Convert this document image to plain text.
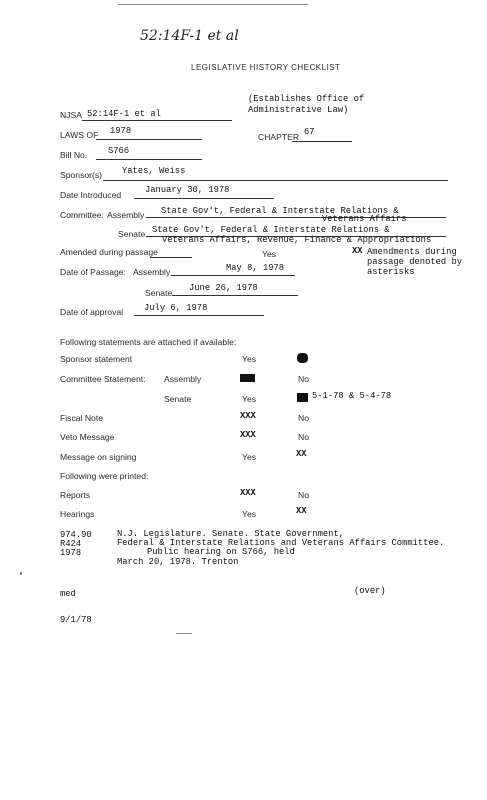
52:14F-1 et al
LEGISLATIVE HISTORY CHECKLIST
NJSA 52:14F-1 et al
(Establishes Office of Administrative Law)
LAWS OF 1978
CHAPTER 67
Bill No. S766
Sponsor(s) Yates, Weiss
Date Introduced	January 30, 1978
Committee: Assembly State Gov't, Federal & Interstate Relations &
Veterans Affairs
Senate State Gov't, Federal & Interstate Relations &
Veterans Affairs, Revenue, Finance & Appropriations
Amended during passage	Yes	XX Amendments during passage denoted by asterisks
Date of Passage: Assembly	May 8, 1978
Senate June 26, 1978
Date of approval July 6, 1978
Following statements are attached if available:
Sponsor statement	Yes
Committee Statement: Assembly	No
Senate	Yes	5-1-78 & 5-4-78
Fiscal Note	XXX	No
Veto Message	XXX	No
Message on signing	Yes	XX
Following were printed:
Reports	XXX	No
Hearings	Yes	XX
974.90
R424
1978
N.J. Legislature. Senate. State Government,
Federal & Interstate Relations and Veterans Affairs Committee.
Public hearing on S766, held
March 20, 1978. Trenton
med	(over)
9/1/78
